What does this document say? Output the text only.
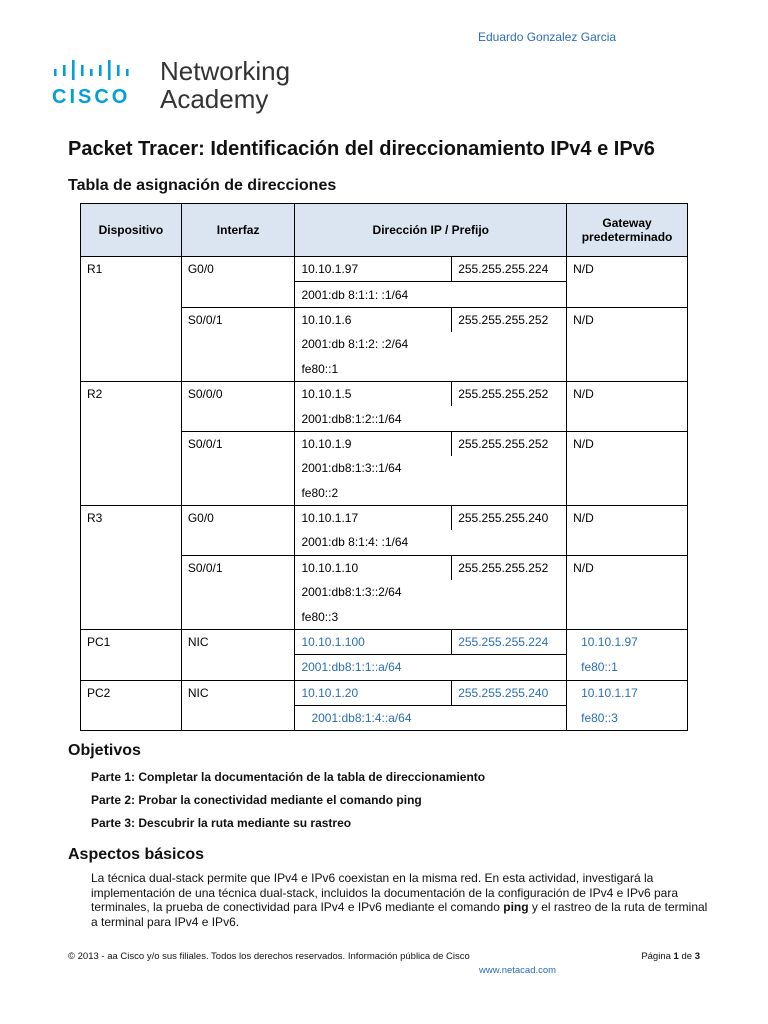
Eduardo Gonzalez Garcia
CISCO
Networking
Academy
Packet Tracer: Identificación del direccionamiento IPv4 e IPv6
Tabla de asignación de direcciones
Dispositivo	Interfaz	Dirección IP / Prefijo		Gateway predeterminado
R1	G0/0	10.10.1.97	255.255.255.224	N/D
		2001:db 8:1:1: :1/64		
	S0/0/1	10.10.1.6	255.255.255.252	N/D
		2001:db 8:1:2: :2/64		
		fe80::1		
R2	S0/0/0	10.10.1.5	255.255.255.252	N/D
		2001:db8:1:2::1/64		
	S0/0/1	10.10.1.9	255.255.255.252	N/D
		2001:db8:1:3::1/64		
		fe80::2		
R3	G0/0	10.10.1.17	255.255.255.240	N/D
		2001:db 8:1:4: :1/64		
	S0/0/1	10.10.1.10	255.255.255.252	N/D
		2001:db8:1:3::2/64		
		fe80::3		
PC1	NIC	10.10.1.100	255.255.255.224	10.10.1.97
		2001:db8:1:1::a/64		fe80::1
PC2	NIC	10.10.1.20	255.255.255.240	10.10.1.17
		2001:db8:1:4::a/64		fe80::3
Objetivos
Parte 1: Completar la documentación de la tabla de direccionamiento
Parte 2: Probar la conectividad mediante el comando ping
Parte 3: Descubrir la ruta mediante su rastreo
Aspectos básicos
La técnica dual-stack permite que IPv4 e IPv6 coexistan en la misma red. En esta actividad, investigará la implementación de una técnica dual-stack, incluidos la documentación de la configuración de IPv4 e IPv6 para terminales, la prueba de conectividad para IPv4 e IPv6 mediante el comando ping y el rastreo de la ruta de terminal a terminal para IPv4 e IPv6.
© 2013 - aa Cisco y/o sus filiales. Todos los derechos reservados. Información pública de Cisco	Página 1 de 3
www.netacad.com
